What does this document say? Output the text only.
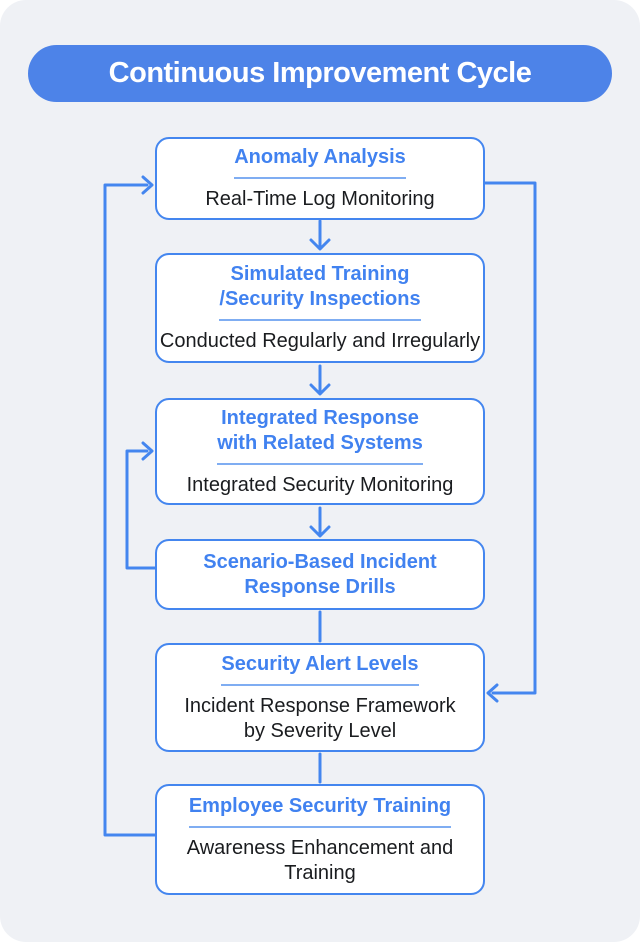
Continuous Improvement Cycle
Anomaly Analysis
Real-Time Log Monitoring
Simulated Training
/Security Inspections
Conducted Regularly and Irregularly
Integrated Response
with Related Systems
Integrated Security Monitoring
Scenario-Based Incident
Response Drills
Security Alert Levels
Incident Response Framework
by Severity Level
Employee Security Training
Awareness Enhancement and
Training
